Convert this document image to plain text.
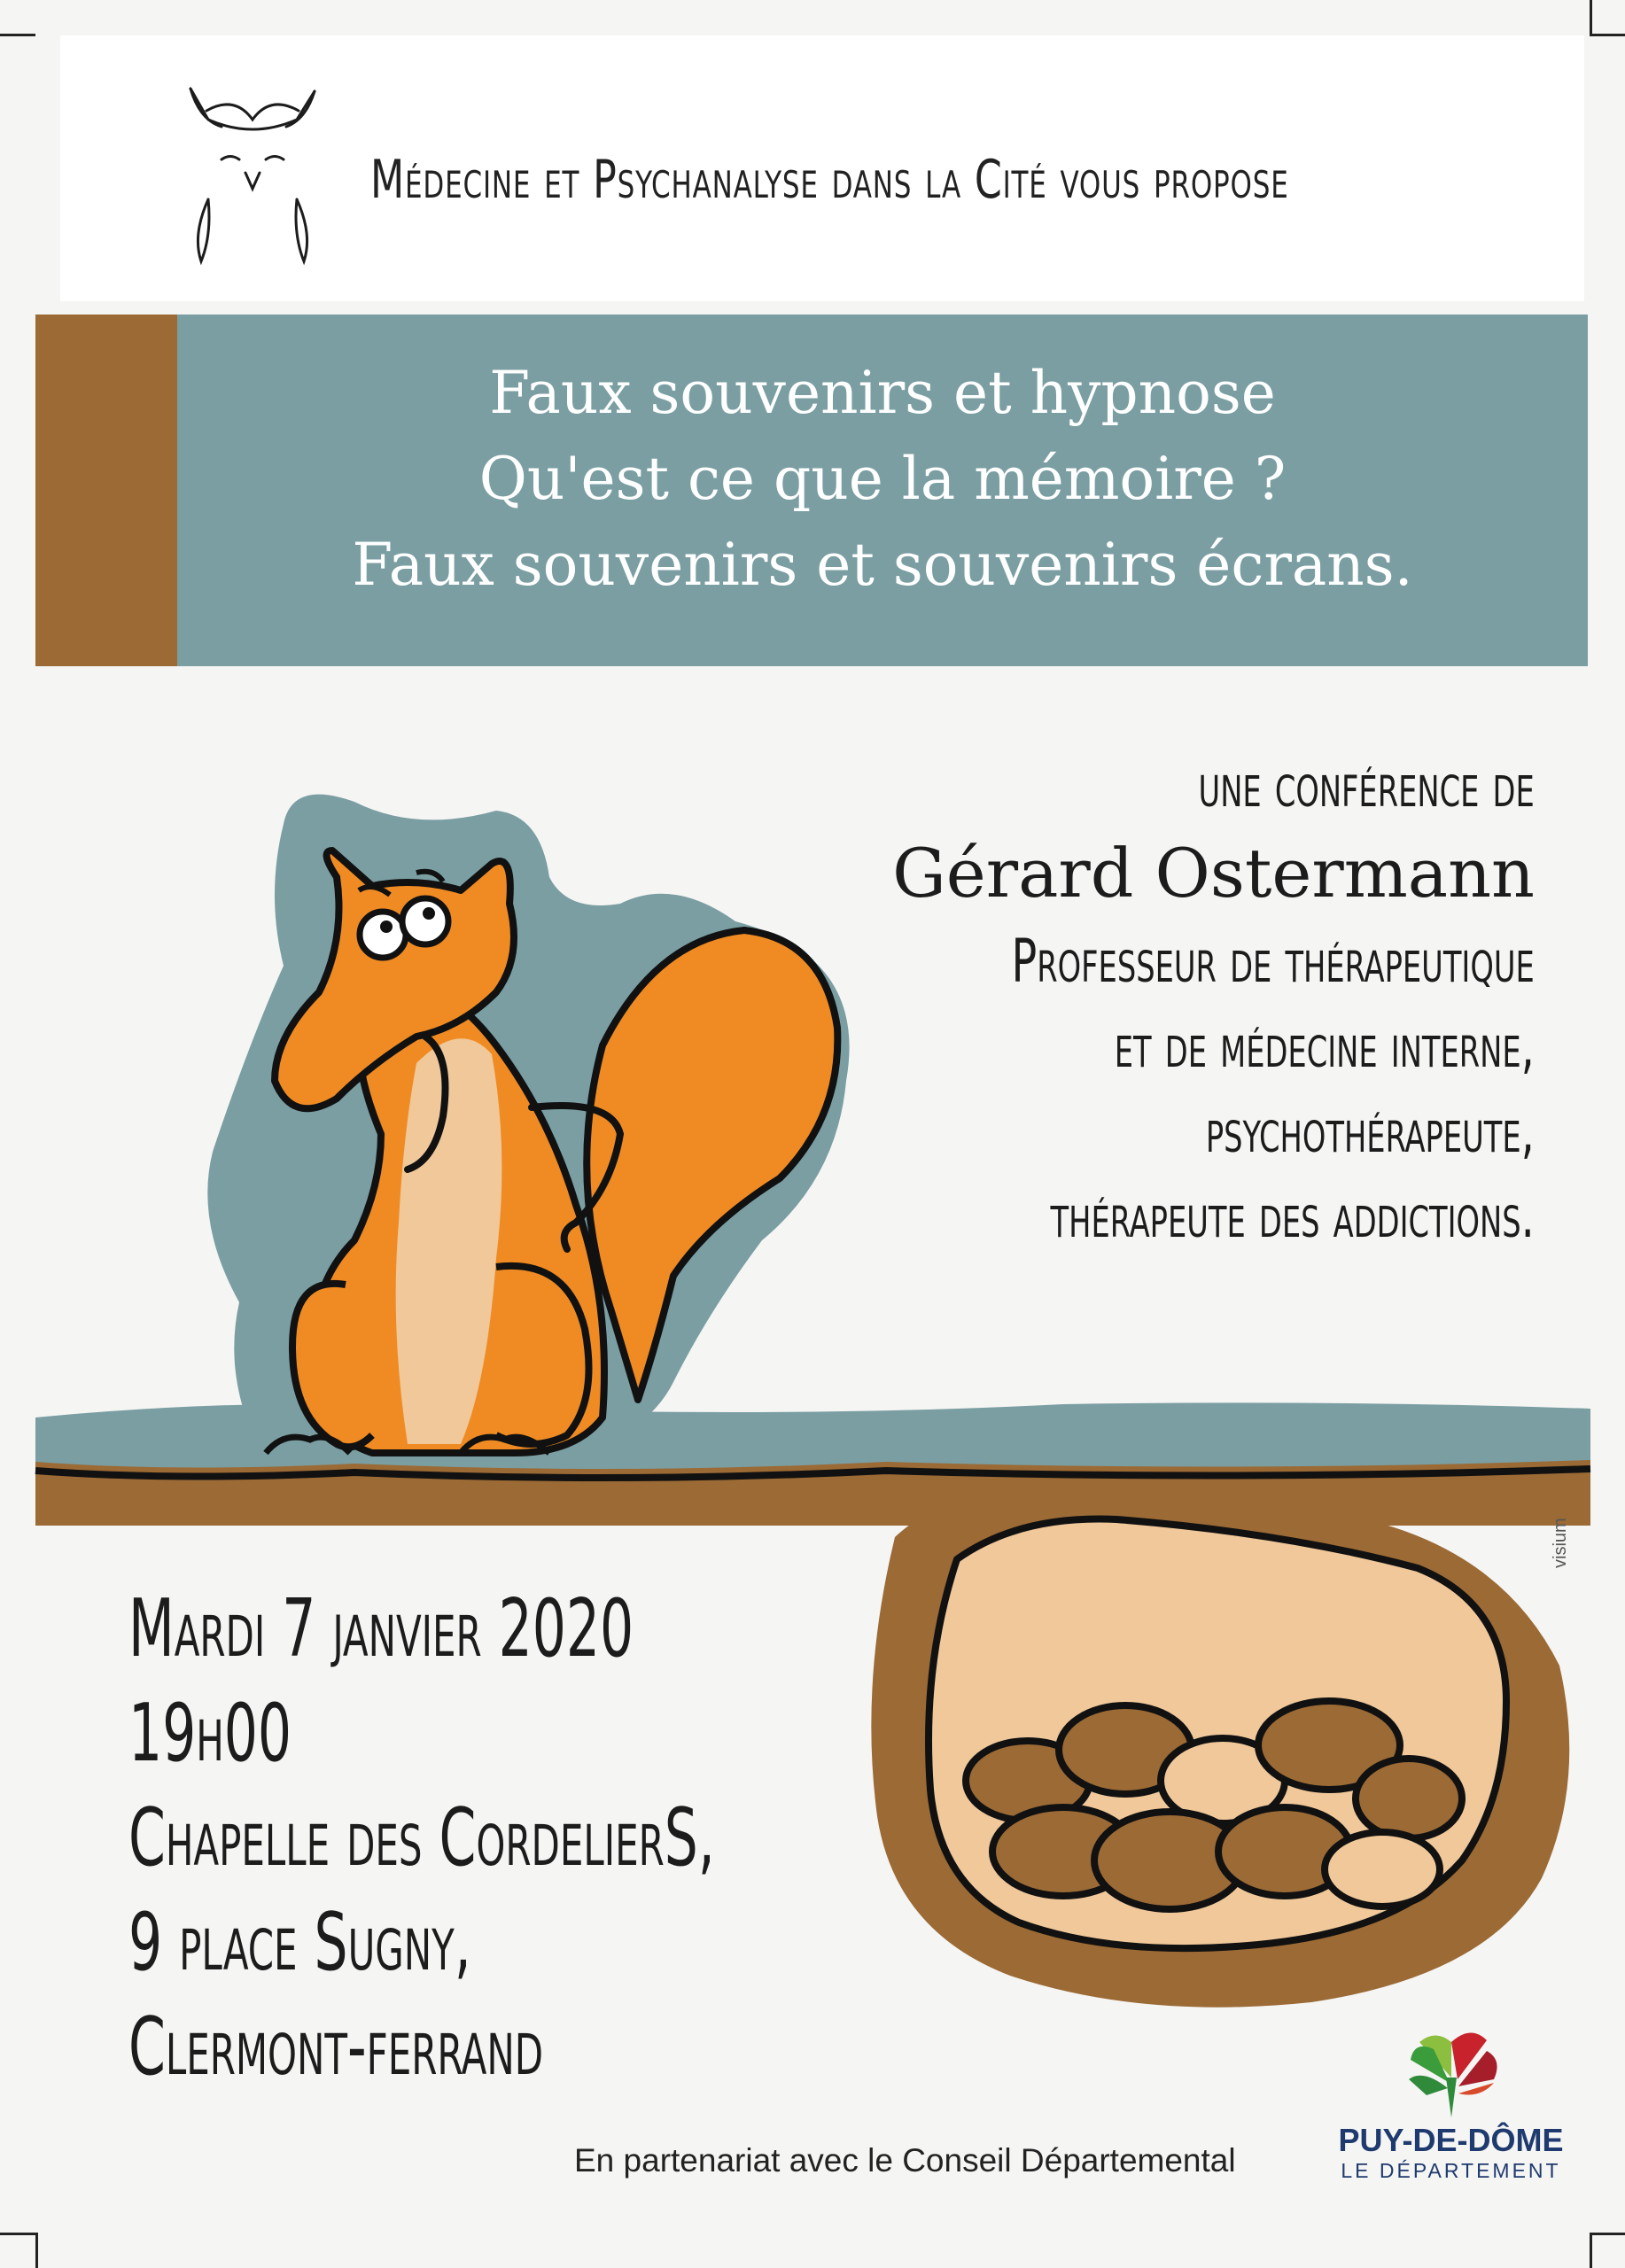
Médecine et Psychanalyse dans la Cité vous propose
Faux souvenirs et hypnose
Qu'est ce que la mémoire ?
Faux souvenirs et souvenirs écrans.
une conférence de
Gérard Ostermann
Professeur de thérapeutique
et de médecine interne,
psychothérapeute,
thérapeute des addictions.
Mardi 7 janvier 2020
19h00
Chapelle des CordelierS,
9 place Sugny,
Clermont-ferrand
visium
En partenariat avec le Conseil Départemental
PUY-DE-DÔME
LE DÉPARTEMENT
